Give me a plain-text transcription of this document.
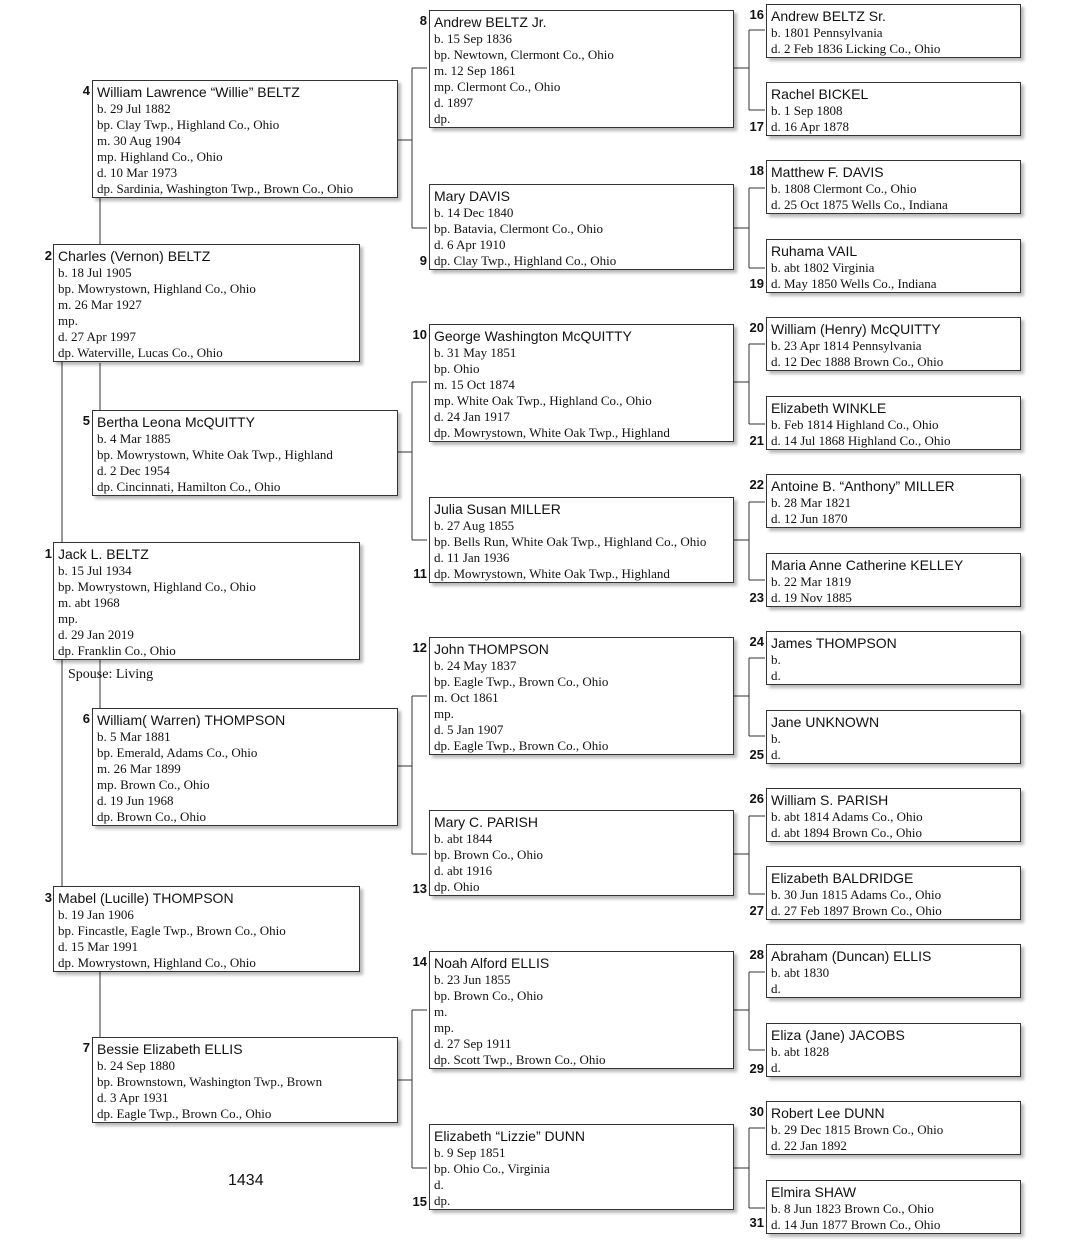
1 Jack L. BELTZ
b. 15 Jul 1934
bp. Mowrystown, Highland Co., Ohio
m. abt 1968
mp.
d. 29 Jan 2019
dp. Franklin Co., Ohio
Spouse: Living
2 Charles (Vernon) BELTZ
b. 18 Jul 1905
bp. Mowrystown, Highland Co., Ohio
m. 26 Mar 1927
mp.
d. 27 Apr 1997
dp. Waterville, Lucas Co., Ohio
3 Mabel (Lucille) THOMPSON
b. 19 Jan 1906
bp. Fincastle, Eagle Twp., Brown Co., Ohio
d. 15 Mar 1991
dp. Mowrystown, Highland Co., Ohio
4 William Lawrence “Willie” BELTZ
b. 29 Jul 1882
bp. Clay Twp., Highland Co., Ohio
m. 30 Aug 1904
mp. Highland Co., Ohio
d. 10 Mar 1973
dp. Sardinia, Washington Twp., Brown Co., Ohio
5 Bertha Leona McQUITTY
b. 4 Mar 1885
bp. Mowrystown, White Oak Twp., Highland
d. 2 Dec 1954
dp. Cincinnati, Hamilton Co., Ohio
6 William( Warren) THOMPSON
b. 5 Mar 1881
bp. Emerald, Adams Co., Ohio
m. 26 Mar 1899
mp. Brown Co., Ohio
d. 19 Jun 1968
dp. Brown Co., Ohio
7 Bessie Elizabeth ELLIS
b. 24 Sep 1880
bp. Brownstown, Washington Twp., Brown
d. 3 Apr 1931
dp. Eagle Twp., Brown Co., Ohio
8 Andrew BELTZ Jr.
b. 15 Sep 1836
bp. Newtown, Clermont Co., Ohio
m. 12 Sep 1861
mp. Clermont Co., Ohio
d. 1897
dp.
9
Mary DAVIS
b. 14 Dec 1840
bp. Batavia, Clermont Co., Ohio
d. 6 Apr 1910
dp. Clay Twp., Highland Co., Ohio
10 George Washington McQUITTY
b. 31 May 1851
bp. Ohio
m. 15 Oct 1874
mp. White Oak Twp., Highland Co., Ohio
d. 24 Jan 1917
dp. Mowrystown, White Oak Twp., Highland
11
Julia Susan MILLER
b. 27 Aug 1855
bp. Bells Run, White Oak Twp., Highland Co., Ohio
d. 11 Jan 1936
dp. Mowrystown, White Oak Twp., Highland
12 John THOMPSON
b. 24 May 1837
bp. Eagle Twp., Brown Co., Ohio
m. Oct 1861
mp.
d. 5 Jan 1907
dp. Eagle Twp., Brown Co., Ohio
13
Mary C. PARISH
b. abt 1844
bp. Brown Co., Ohio
d. abt 1916
dp. Ohio
14 Noah Alford ELLIS
b. 23 Jun 1855
bp. Brown Co., Ohio
m.
mp.
d. 27 Sep 1911
dp. Scott Twp., Brown Co., Ohio
15
Elizabeth “Lizzie” DUNN
b. 9 Sep 1851
bp. Ohio Co., Virginia
d.
dp.
16 Andrew BELTZ Sr.
b. 1801 Pennsylvania
d. 2 Feb 1836 Licking Co., Ohio
17
Rachel BICKEL
b. 1 Sep 1808
d. 16 Apr 1878
18 Matthew F. DAVIS
b. 1808 Clermont Co., Ohio
d. 25 Oct 1875 Wells Co., Indiana
19
Ruhama VAIL
b. abt 1802 Virginia
d. May 1850 Wells Co., Indiana
20 William (Henry) McQUITTY
b. 23 Apr 1814 Pennsylvania
d. 12 Dec 1888 Brown Co., Ohio
21
Elizabeth WINKLE
b. Feb 1814 Highland Co., Ohio
d. 14 Jul 1868 Highland Co., Ohio
22 Antoine B. “Anthony” MILLER
b. 28 Mar 1821
d. 12 Jun 1870
23
Maria Anne Catherine KELLEY
b. 22 Mar 1819
d. 19 Nov 1885
24 James THOMPSON
b.
d.
25
Jane UNKNOWN
b.
d.
26 William S. PARISH
b. abt 1814 Adams Co., Ohio
d. abt 1894 Brown Co., Ohio
27
Elizabeth BALDRIDGE
b. 30 Jun 1815 Adams Co., Ohio
d. 27 Feb 1897 Brown Co., Ohio
28 Abraham (Duncan) ELLIS
b. abt 1830
d.
29
Eliza (Jane) JACOBS
b. abt 1828
d.
30 Robert Lee DUNN
b. 29 Dec 1815 Brown Co., Ohio
d. 22 Jan 1892
31
Elmira SHAW
b. 8 Jun 1823 Brown Co., Ohio
d. 14 Jun 1877 Brown Co., Ohio
1434
